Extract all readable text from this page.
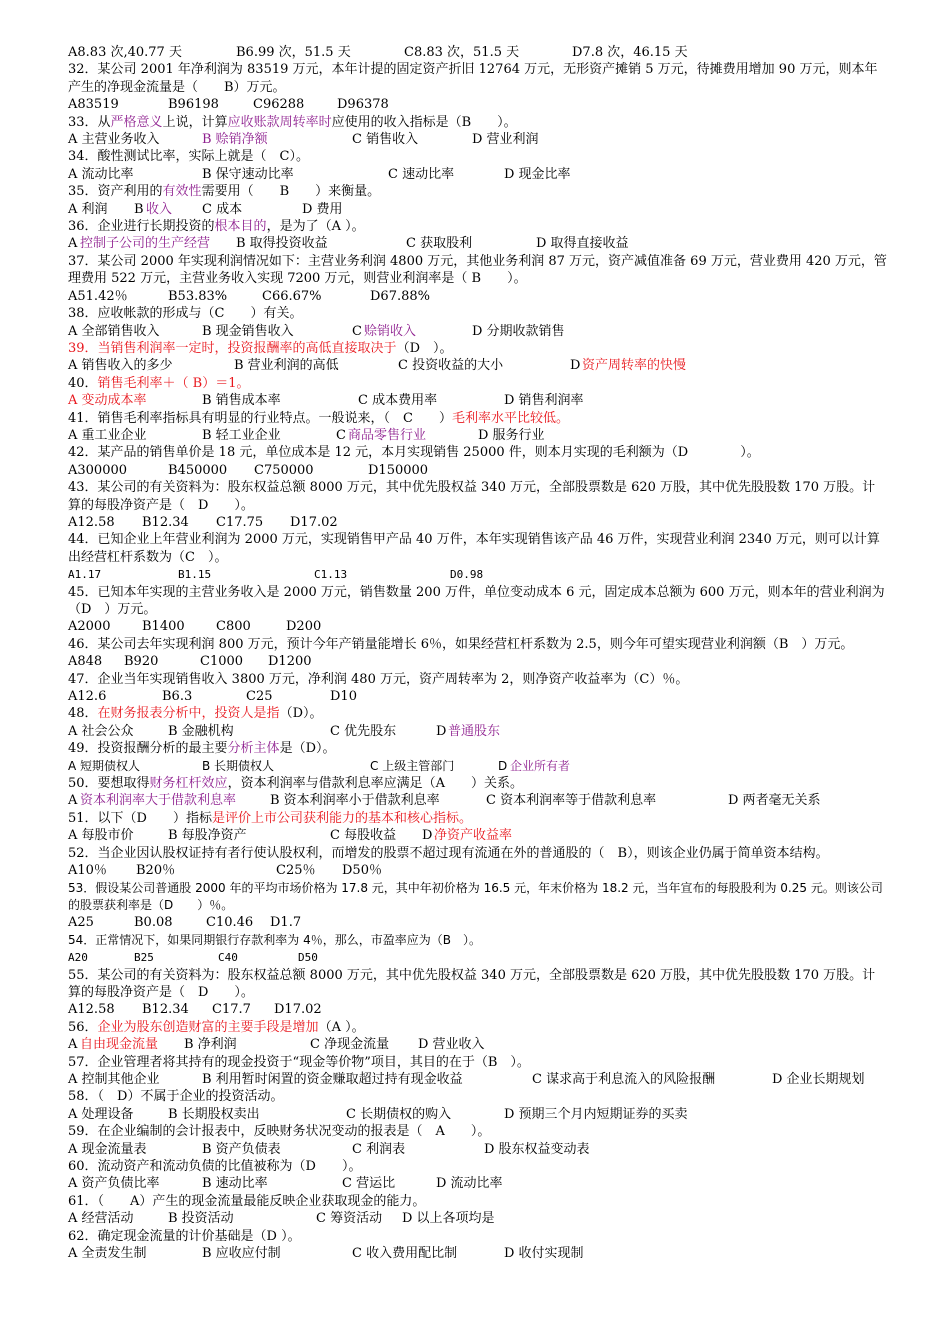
A8.83 次,40.77 天	B6.99 次，51.5 天	C8.83 次，51.5 天	D7.8 次，46.15 天
32．某公司 2001 年净利润为 83519 万元，本年计提的固定资产折旧 12764 万元，无形资产摊销 5 万元，待摊费用增加 90 万元，则本年产生的净现金流量是（　　B）万元。
A83519	B96198	C96288	D96378
33．从严格意义上说，计算应收账款周转率时应使用的收入指标是（B　　）。
A 主营业务收入	B 赊销净额	C 销售收入	D 营业利润
34．酸性测试比率，实际上就是（　C）。
A 流动比率	B 保守速动比率	C 速动比率	D 现金比率
35．资产利用的有效性需要用（　　B　　）来衡量。
A 利润	B 收入	C 成本	D 费用
36．企业进行长期投资的根本目的，是为了（A ）。
A 控制子公司的生产经营	B 取得投资收益	C 获取股利	D 取得直接收益
37．某公司 2000 年实现利润情况如下：主营业务利润 4800 万元，其他业务利润 87 万元，资产减值准备 69 万元，营业费用 420 万元，管理费用 522 万元，主营业务收入实现 7200 万元，则营业利润率是（ B　　）。
A51.42％	B53.83%	C66.67%	D67.88%
38．应收帐款的形成与（C　　）有关。
A 全部销售收入	B 现金销售收入	C 赊销收入	D 分期收款销售
39．当销售利润率一定时，投资报酬率的高低直接取决于（D　）。
A 销售收入的多少	B 营业利润的高低	C 投资收益的大小	D 资产周转率的快慢
40．销售毛利率＋（ B）＝1。
A 变动成本率	B 销售成本率	C 成本费用率	D 销售利润率
41．销售毛利率指标具有明显的行业特点。一般说来，（　C　　）毛利率水平比较低。
A 重工业企业	B 轻工业企业	C 商品零售行业	D 服务行业
42．某产品的销售单价是 18 元，单位成本是 12 元，本月实现销售 25000 件，则本月实现的毛利额为（D　　　　）。
A300000	B450000	C750000	D150000
43．某公司的有关资料为：股东权益总额 8000 万元，其中优先股权益 340 万元，全部股票数是 620 万股，其中优先股股数 170 万股。计算的每股净资产是（　D　　）。
A12.58	B12.34	C17.75	D17.02
44．已知企业上年营业利润为 2000 万元，实现销售甲产品 40 万件，本年实现销售该产品 46 万件，实现营业利润 2340 万元，则可以计算出经营杠杆系数为（C　）。
A1.17	B1.15	C1.13	D0.98
45．已知本年实现的主营业务收入是 2000 万元，销售数量 200 万件，单位变动成本 6 元，固定成本总额为 600 万元，则本年的营业利润为（D　）万元。
A2000	B1400	C800	D200
46．某公司去年实现利润 800 万元，预计今年产销量能增长 6％，如果经营杠杆系数为 2.5，则今年可望实现营业利润额（B　）万元。
A848	B920	C1000	D1200
47．企业当年实现销售收入 3800 万元，净利润 480 万元，资产周转率为 2，则净资产收益率为（C）％。
A12.6	B6.3	C25	D10
48．在财务报表分析中，投资人是指（D）。
A 社会公众	B 金融机构	C 优先股东	D 普通股东
49．投资报酬分析的最主要分析主体是（D）。
A 短期债权人	B 长期债权人	C 上级主管部门	D 企业所有者
50．要想取得财务杠杆效应，资本利润率与借款利息率应满足（A　　）关系。
A 资本利润率大于借款利息率	B 资本利润率小于借款利息率	C 资本利润率等于借款利息率	D 两者毫无关系
51．以下（D　　）指标是评价上市公司获利能力的基本和核心指标。
A 每股市价	B 每股净资产	C 每股收益	D 净资产收益率
52．当企业因认股权证持有者行使认股权利，而增发的股票不超过现有流通在外的普通股的（　B），则该企业仍属于简单资本结构。
A10％	B20％	C25％	D50％
53．假设某公司普通股 2000 年的平均市场价格为 17.8 元，其中年初价格为 16.5 元，年末价格为 18.2 元，当年宣布的每股股利为 0.25 元。则该公司的股票获利率是（D　　）％。
A25	B0.08	C10.46	D1.7
54．正常情况下，如果同期银行存款利率为 4％，那么，市盈率应为（B　）。
A20	B25	C40	D50
55．某公司的有关资料为：股东权益总额 8000 万元，其中优先股权益 340 万元，全部股票数是 620 万股，其中优先股股数 170 万股。计算的每股净资产是（　D　　）。
A12.58	B12.34	C17.7	D17.02
56．企业为股东创造财富的主要手段是增加（A ）。
A 自由现金流量	B 净利润	C 净现金流量	D 营业收入
57．企业管理者将其持有的现金投资于“现金等价物”项目，其目的在于（B　）。
A 控制其他企业	B 利用暂时闲置的资金赚取超过持有现金收益	C 谋求高于利息流入的风险报酬	D 企业长期规划
58．（　D）不属于企业的投资活动。
A 处理设备	B 长期股权卖出	C 长期债权的购入	D 预期三个月内短期证券的买卖
59．在企业编制的会计报表中，反映财务状况变动的报表是（　A　　）。
A 现金流量表	B 资产负债表	C 利润表	D 股东权益变动表
60．流动资产和流动负债的比值被称为（D　　）。
A 资产负债比率	B 速动比率	C 营运比	D 流动比率
61．（　　A）产生的现金流量最能反映企业获取现金的能力。
A 经营活动	B 投资活动	C 筹资活动	D 以上各项均是
62．确定现金流量的计价基础是（D ）。
A 全责发生制	B 应收应付制	C 收入费用配比制	D 收付实现制
